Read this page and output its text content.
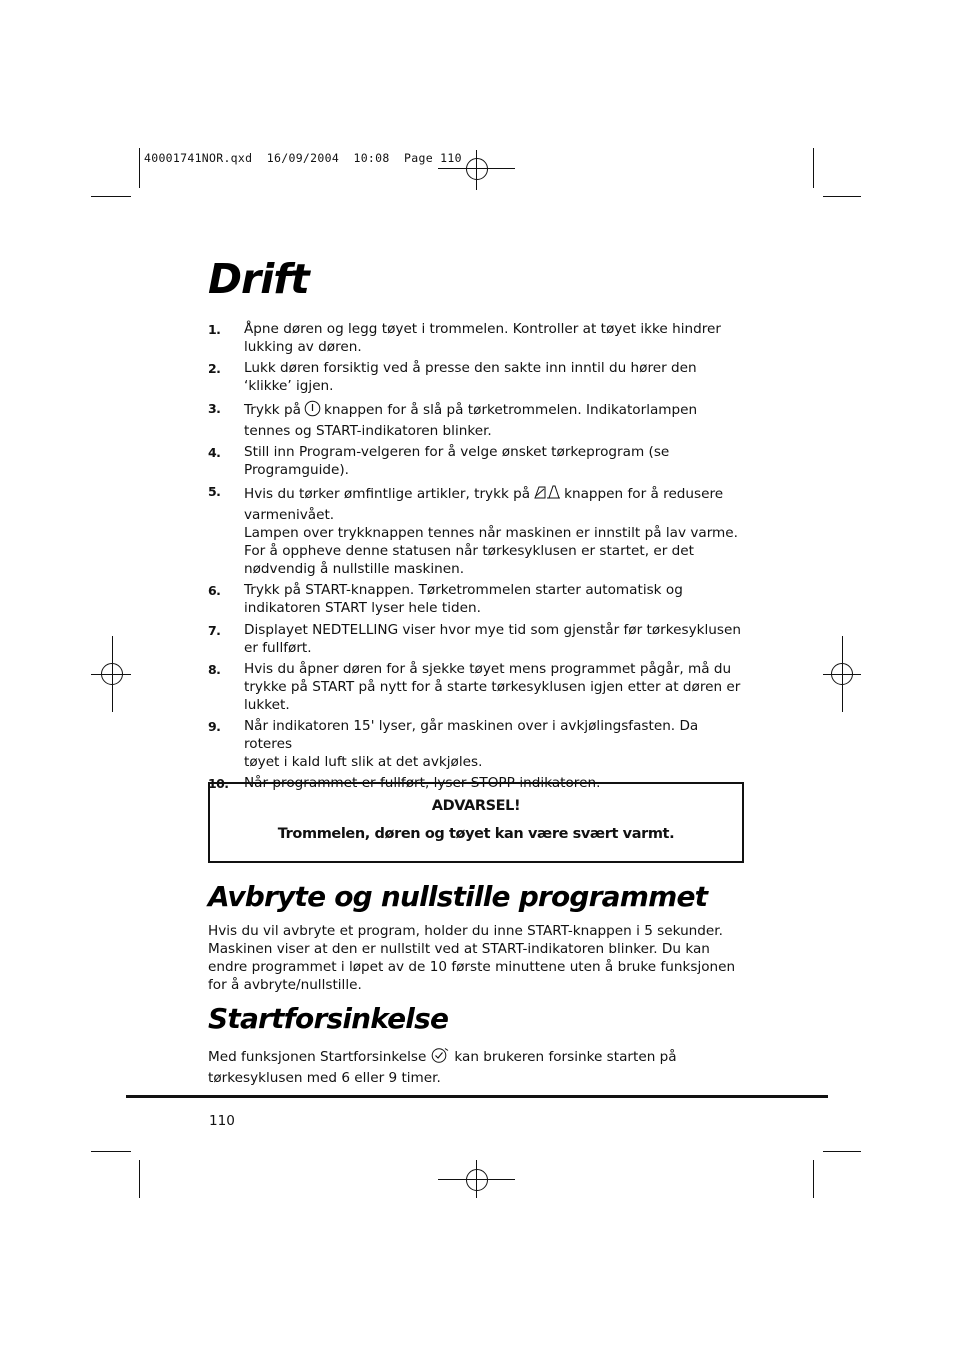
40001741NOR.qxd  16/09/2004  10:08  Page 110
Drift
1. Åpne døren og legg tøyet i trommelen. Kontroller at tøyet ikke hindrer
lukking av døren.
2. Lukk døren forsiktig ved å presse den sakte inn inntil du hører den
‘klikke’ igjen.
3. Trykk på knappen for å slå på tørketrommelen. Indikatorlampen
tennes og START-indikatoren blinker.
4. Still inn Program-velgeren for å velge ønsket tørkeprogram (se
Programguide).
5. Hvis du tørker ømfintlige artikler, trykk på	knappen for å redusere
varmenivået.
Lampen over trykknappen tennes når maskinen er innstilt på lav varme.
For å oppheve denne statusen når tørkesyklusen er startet, er det
nødvendig å nullstille maskinen.
6. Trykk på START-knappen. Tørketrommelen starter automatisk og
indikatoren START lyser hele tiden.
7. Displayet NEDTELLING viser hvor mye tid som gjenstår før tørkesyklusen
er fullført.
8. Hvis du åpner døren for å sjekke tøyet mens programmet pågår, må du
trykke på START på nytt for å starte tørkesyklusen igjen etter at døren er
lukket.
9. Når indikatoren 15' lyser, går maskinen over i avkjølingsfasten. Da roteres
tøyet i kald luft slik at det avkjøles.
10. Når programmet er fullført, lyser STOPP-indikatoren.
ADVARSEL!
Trommelen, døren og tøyet kan være svært varmt.
Avbryte og nullstille programmet

Hvis du vil avbryte et program, holder du inne START-knappen i 5 sekunder.
Maskinen viser at den er nullstilt ved at START-indikatoren blinker. Du kan
endre programmet i løpet av de 10 første minuttene uten å bruke funksjonen
for å avbryte/nullstille.

Startforsinkelse

Med funksjonen Startforsinkelse kan brukeren forsinke starten på
tørkesyklusen med 6 eller 9 timer.

110
